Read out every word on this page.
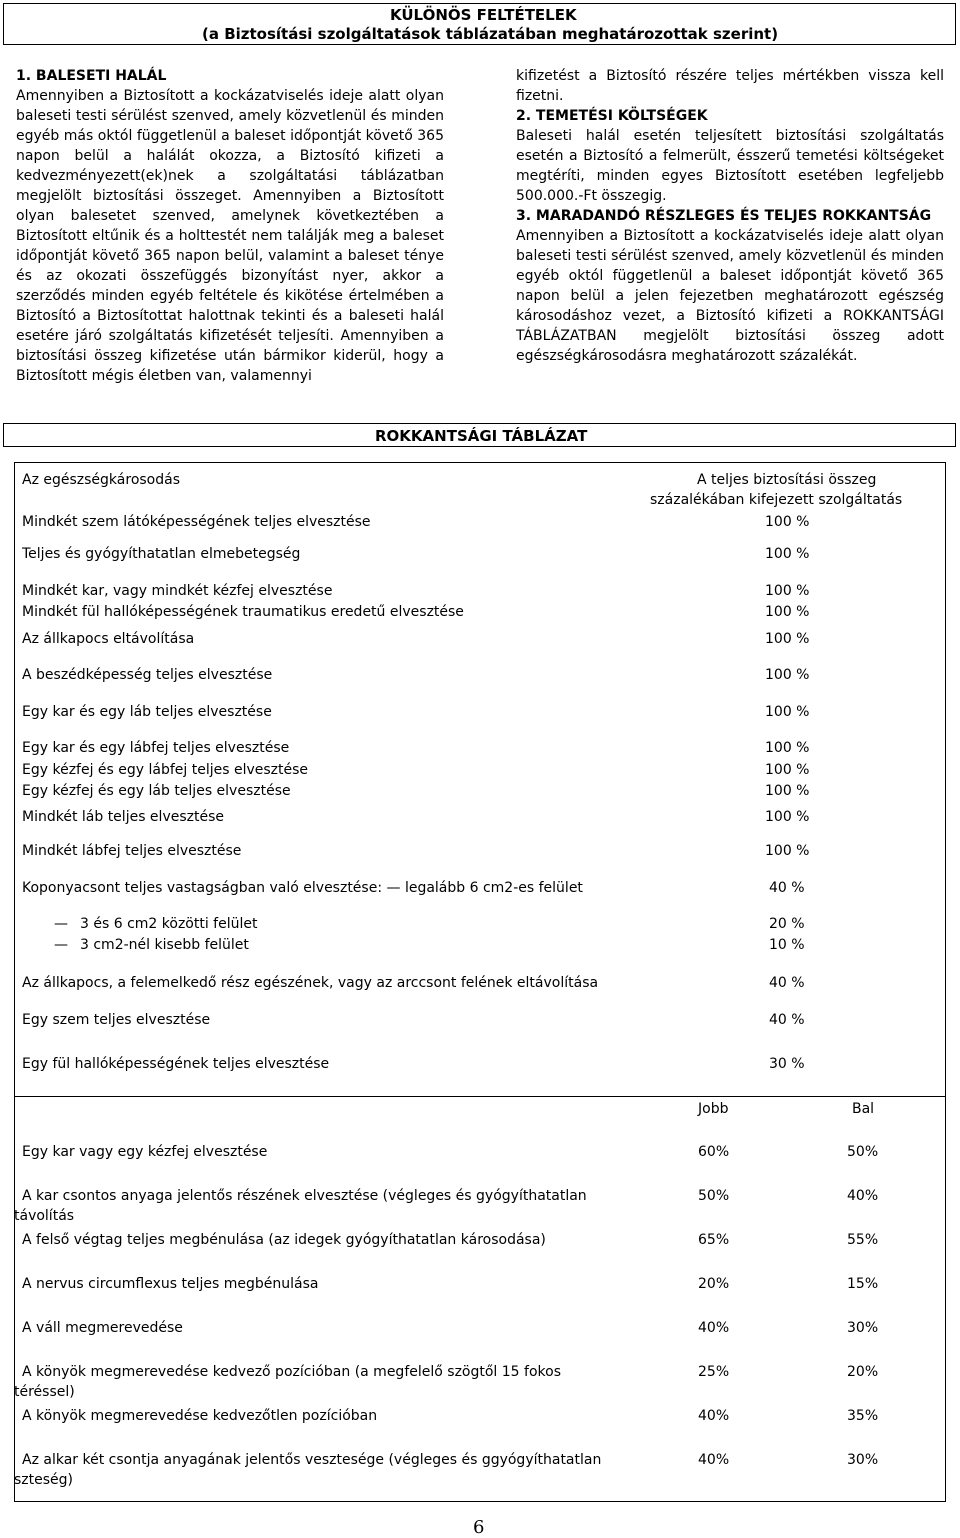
KÜLÖNÖS FELTÉTELEK
(a Biztosítási szolgáltatások táblázatában meghatározottak szerint)

1. BALESETI HALÁL

Amennyiben a Biztosított a kockázatviselés ideje alatt olyan baleseti testi sérülést szenved, amely közvetlenül és minden egyéb más októl függetlenül a baleset időpontját követő 365 napon belül a halálát okozza, a Biztosító kifizeti a kedvezményezett(ek)nek a szolgáltatási táblázatban megjelölt biztosítási összeget. Amennyiben a Biztosított olyan balesetet szenved, amelynek következtében a Biztosított eltűnik és a holttestét nem találják meg a baleset időpontját követő 365 napon belül, valamint a baleset ténye és az okozati összefüggés bizonyítást nyer, akkor a szerződés minden egyéb feltétele és kikötése értelmében a Biztosító a Biztosítottat halottnak tekinti és a baleseti halál esetére járó szolgáltatás kifizetését teljesíti. Amennyiben a biztosítási összeg kifizetése után bármikor kiderül, hogy a Biztosított mégis életben van, valamennyi

kifizetést a Biztosító részére teljes mértékben vissza kell fizetni.

2. TEMETÉSI KÖLTSÉGEK

Baleseti halál esetén teljesített biztosítási szolgáltatás esetén a Biztosító a felmerült, ésszerű temetési költségeket megtéríti, minden egyes Biztosított esetében legfeljebb 500.000.-Ft összegig.

3. MARADANDÓ RÉSZLEGES ÉS TELJES ROKKANTSÁG

Amennyiben a Biztosított a kockázatviselés ideje alatt olyan baleseti testi sérülést szenved, amely közvetlenül és minden egyéb októl függetlenül a baleset időpontját követő 365 napon belül a jelen fejezetben meghatározott egészség károsodáshoz vezet, a Biztosító kifizeti a ROKKANTSÁGI TÁBLÁZATBAN megjelölt biztosítási összeg adott egészségkárosodásra meghatározott százalékát.

ROKKANTSÁGI TÁBLÁZAT
Az egészségkárosodás	A teljes biztosítási összeg
százalékában kifejezett szolgáltatás
Mindkét szem látóképességének teljes elvesztése	100 %
Teljes és gyógyíthatatlan elmebetegség	100 %
Mindkét kar, vagy mindkét kézfej elvesztése	100 %
Mindkét fül hallóképességének traumatikus eredetű elvesztése	100 %
Az állkapocs eltávolítása	100 %
A beszédképesség teljes elvesztése	100 %
Egy kar és egy láb teljes elvesztése	100 %
Egy kar és egy lábfej teljes elvesztése	100 %
Egy kézfej és egy lábfej teljes elvesztése	100 %
Egy kézfej és egy láb teljes elvesztése	100 %
Mindkét láb teljes elvesztése	100 %
Mindkét lábfej teljes elvesztése	100 %
Koponyacsont teljes vastagságban való elvesztése: — legalább 6 cm2-es felület	40 %
— 3 és 6 cm2 közötti felület	20 %
— 3 cm2-nél kisebb felület	10 %
Az állkapocs, a felemelkedő rész egészének, vagy az arccsont felének eltávolítása	40 %
Egy szem teljes elvesztése	40 %
Egy fül hallóképességének teljes elvesztése	30 %
Jobb	Bal
Egy kar vagy egy kézfej elvesztése	60%	50%
A kar csontos anyaga jelentős részének elvesztése (végleges és gyógyíthatatlan
távolítás
50%	40%
A felső végtag teljes megbénulása (az idegek gyógyíthatatlan károsodása)	65%	55%
A nervus circumflexus teljes megbénulása	20%	15%
A váll megmerevedése	40%	30%
A könyök megmerevedése kedvező pozícióban (a megfelelő szögtől 15 fokos
téréssel)
25%	20%
A könyök megmerevedése kedvezőtlen pozícióban	40%	35%
Az alkar két csontja anyagának jelentős vesztesége (végleges és ggyógyíthatatlan
szteség)
40%	30%
6
